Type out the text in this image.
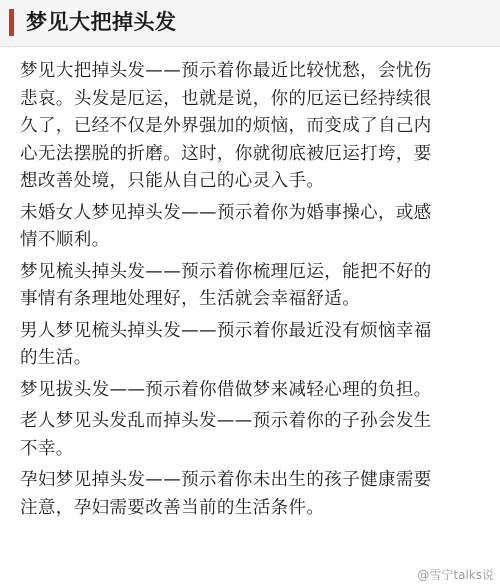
梦见大把掉头发

梦见大把掉头发——预示着你最近比较忧愁，会忧伤
悲哀。头发是厄运，也就是说，你的厄运已经持续很
久了，已经不仅是外界强加的烦恼，而变成了自己内
心无法摆脱的折磨。这时，你就彻底被厄运打垮，要
想改善处境，只能从自己的心灵入手。

未婚女人梦见掉头发——预示着你为婚事操心，或感
情不顺利。

梦见梳头掉头发——预示着你梳理厄运，能把不好的
事情有条理地处理好，生活就会幸福舒适。

男人梦见梳头掉头发——预示着你最近没有烦恼幸福
的生活。

梦见拔头发——预示着你借做梦来减轻心理的负担。

老人梦见头发乱而掉头发——预示着你的子孙会发生
不幸。

孕妇梦见掉头发——预示着你未出生的孩子健康需要
注意，孕妇需要改善当前的生活条件。

@雪宁talks说
